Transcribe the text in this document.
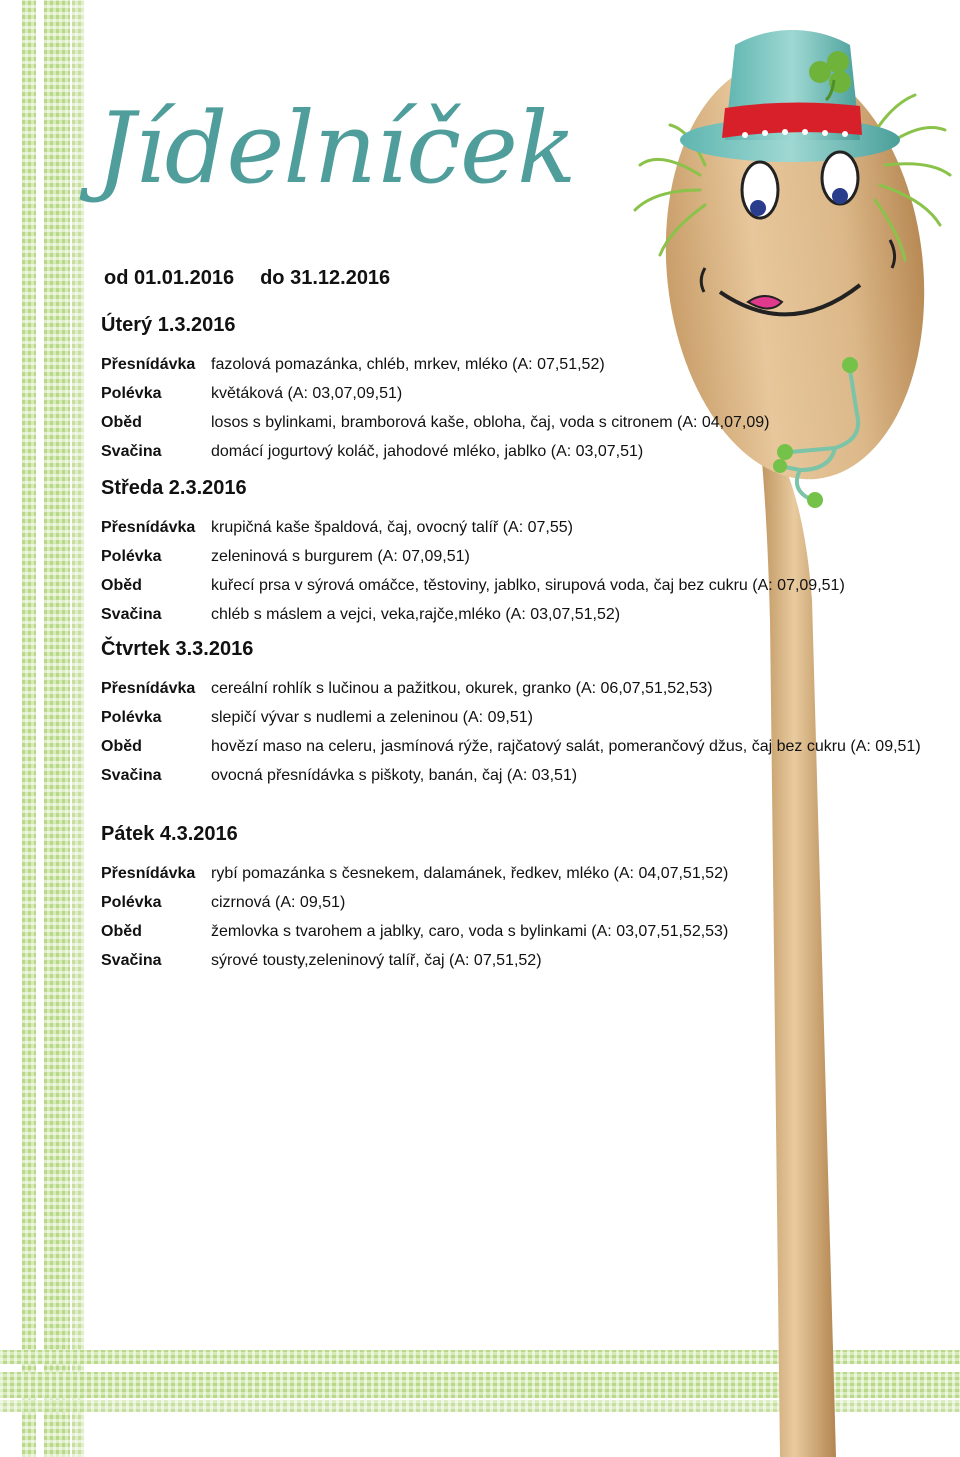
Jídelníček
od 01.01.2016 do 31.12.2016
Úterý 1.3.2016
Přesnídávka fazolová pomazánka, chléb, mrkev, mléko (A: 07,51,52)
Polévka	květáková (A: 03,07,09,51)
Oběd	losos s bylinkami, bramborová kaše, obloha, čaj, voda s citronem (A: 04,07,09)
Svačina	domácí jogurtový koláč, jahodové mléko, jablko (A: 03,07,51)
Středa 2.3.2016
Přesnídávka krupičná kaše špaldová, čaj, ovocný talíř (A: 07,55)
Polévka	zeleninová s burgurem (A: 07,09,51)
Oběd	kuřecí prsa v sýrová omáčce, těstoviny, jablko, sirupová voda, čaj bez cukru (A: 07,09,51)
Svačina	chléb s máslem a vejci, veka,rajče,mléko (A: 03,07,51,52)
Čtvrtek 3.3.2016
Přesnídávka cereální rohlík s lučinou a pažitkou, okurek, granko (A: 06,07,51,52,53)
Polévka	slepičí vývar s nudlemi a zeleninou (A: 09,51)
Oběd	hovězí maso na celeru, jasmínová rýže, rajčatový salát, pomerančový džus, čaj bez cukru (A: 09,51)
Svačina	ovocná přesnídávka s piškoty, banán, čaj (A: 03,51)
Pátek 4.3.2016
Přesnídávka rybí pomazánka s česnekem, dalamánek, ředkev, mléko (A: 04,07,51,52)
Polévka	cizrnová (A: 09,51)
Oběd	žemlovka s tvarohem a jablky, caro, voda s bylinkami (A: 03,07,51,52,53)
Svačina	sýrové tousty,zeleninový talíř, čaj (A: 07,51,52)
